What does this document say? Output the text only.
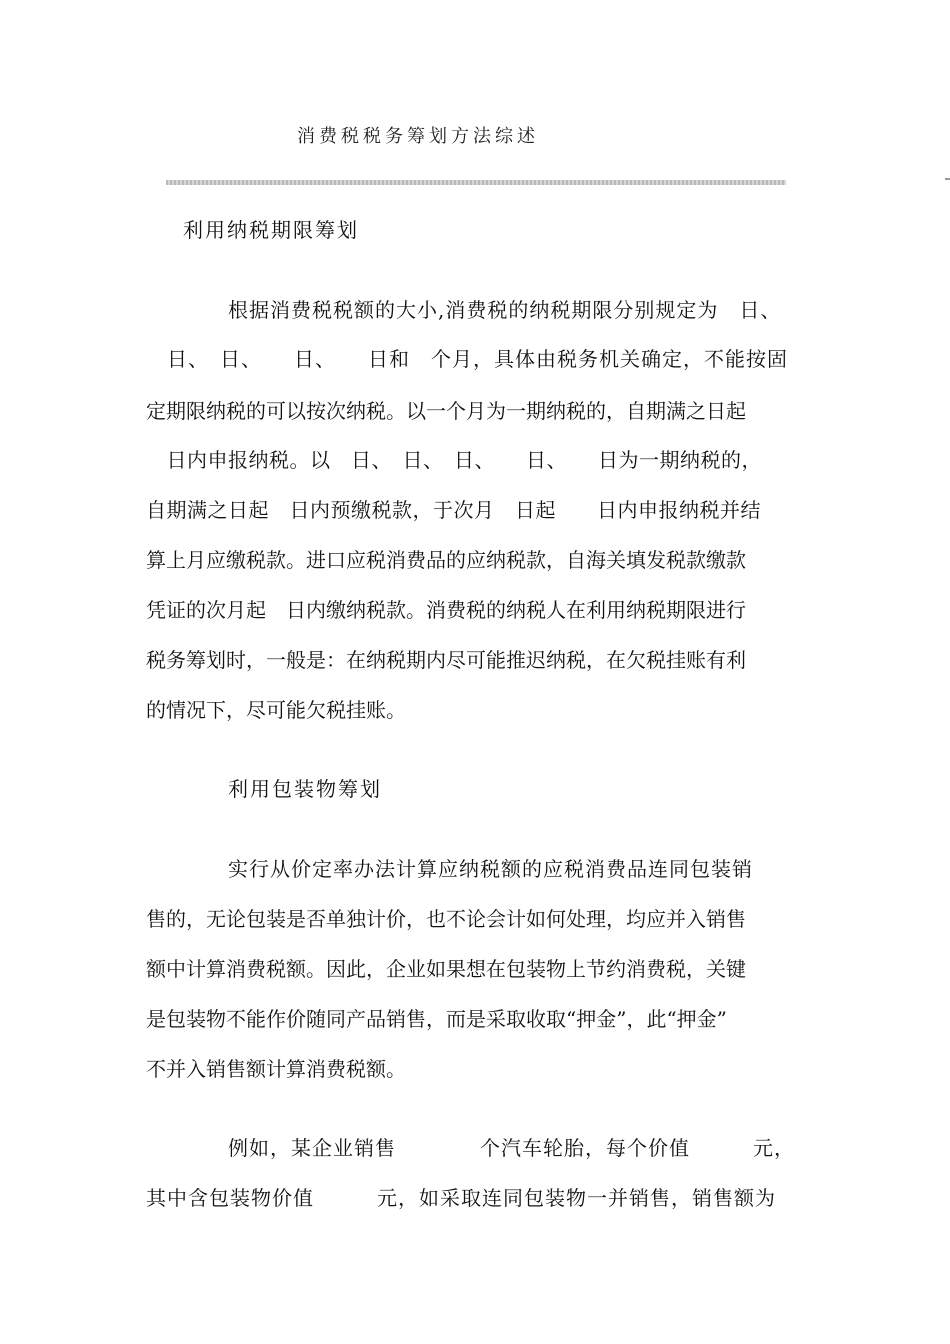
消费税税务筹划方法综述
利用纳税期限筹划
根据消费税税额的大小,消费税的纳税期限分别规定为　日、
　日、　日、　　日、　　日和　个月，具体由税务机关确定，不能按固
定期限纳税的可以按次纳税。以一个月为一期纳税的，自期满之日起
　日内申报纳税。以　日、　日、　日、　　日、　　日为一期纳税的，
自期满之日起　日内预缴税款，于次月　日起　　日内申报纳税并结
算上月应缴税款。进口应税消费品的应纳税款，自海关填发税款缴款
凭证的次月起　日内缴纳税款。消费税的纳税人在利用纳税期限进行
税务筹划时，一般是：在纳税期内尽可能推迟纳税，在欠税挂账有利
的情况下，尽可能欠税挂账。
利用包装物筹划
实行从价定率办法计算应纳税额的应税消费品连同包装销
售的，无论包装是否单独计价，也不论会计如何处理，均应并入销售
额中计算消费税额。因此，企业如果想在包装物上节约消费税，关键
是包装物不能作价随同产品销售，而是采取收取“押金”，此“押金”
不并入销售额计算消费税额。
例如，某企业销售　　　　个汽车轮胎，每个价值　　　元，
其中含包装物价值　　　元，如采取连同包装物一并销售，销售额为
